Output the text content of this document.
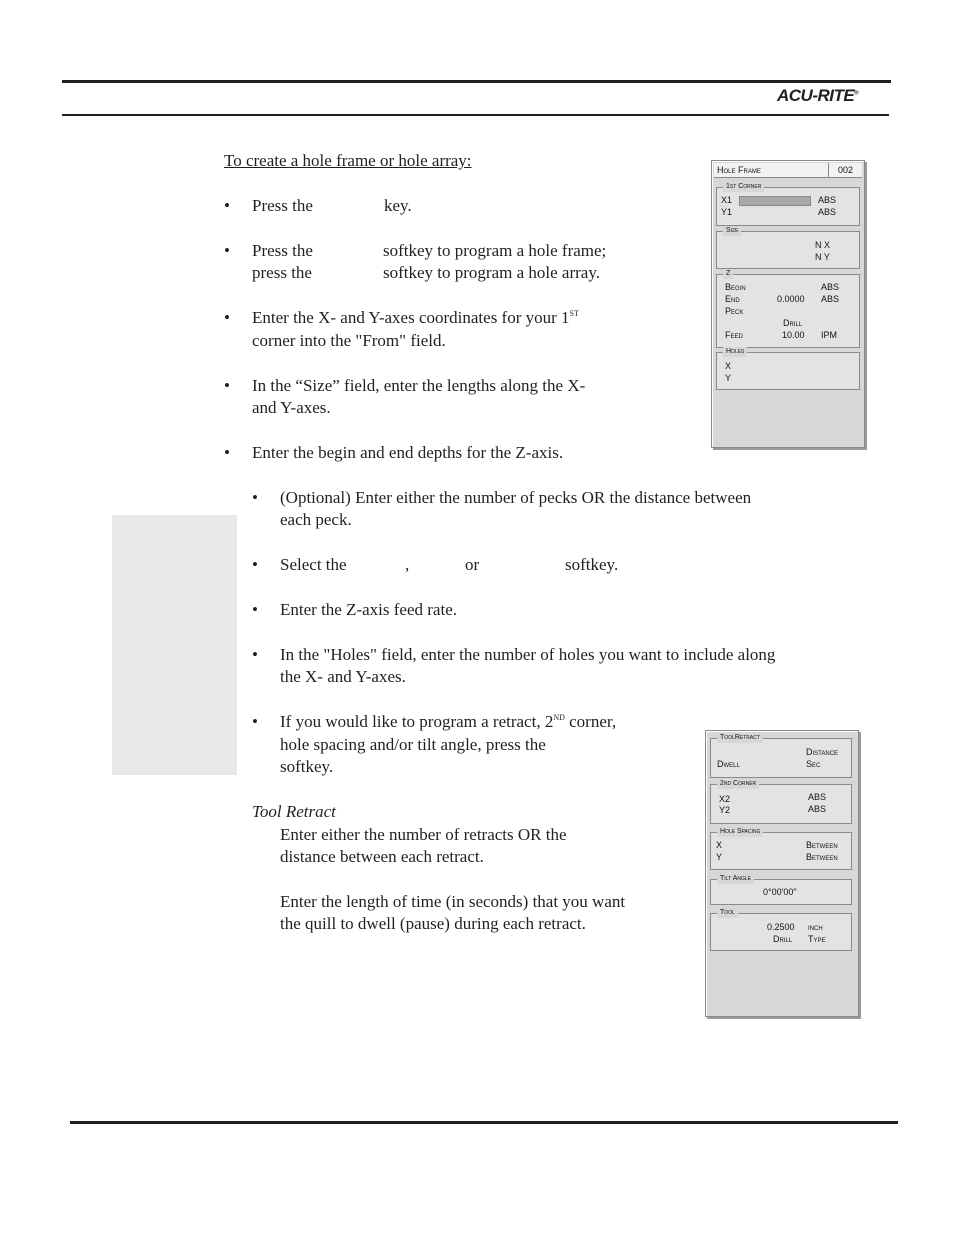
ACU-RITE®
To create a hole frame or hole array:
• Press the	key.
• Press the	softkey to program a hole frame;
press the	softkey to program a hole array.
• Enter the X- and Y-axes coordinates for your 1ST
corner into the "From" field.
• In the “Size” field, enter the lengths along the X-
and Y-axes.
• Enter the begin and end depths for the Z-axis.
• (Optional) Enter either the number of pecks OR the distance between
each peck.
• Select the	,	or	softkey.
• Enter the Z-axis feed rate.
• In the "Holes" field, enter the number of holes you want to include along
the X- and Y-axes.
• If you would like to program a retract, 2ND corner,
hole spacing and/or tilt angle, press the
softkey.
Tool Retract
Enter either the number of retracts OR the
distance between each retract.
Enter the length of time (in seconds) that you want
the quill to dwell (pause) during each retract.
Hole Frame	002
1st Corner
X1	ABS
Y1	ABS
Size
N X
N Y
Z
Begin	ABS
End	0.0000 ABS
Peck
Drill
Feed	10.00 IPM
Holes
X
Y
ToolRetract
Distance
Dwell	Sec
2nd Corner
X2	ABS
Y2	ABS
Hole Spacing
X	Between
Y	Between
Tilt Angle
0°00'00"
Tool
0.2500 inch
Drill Type
